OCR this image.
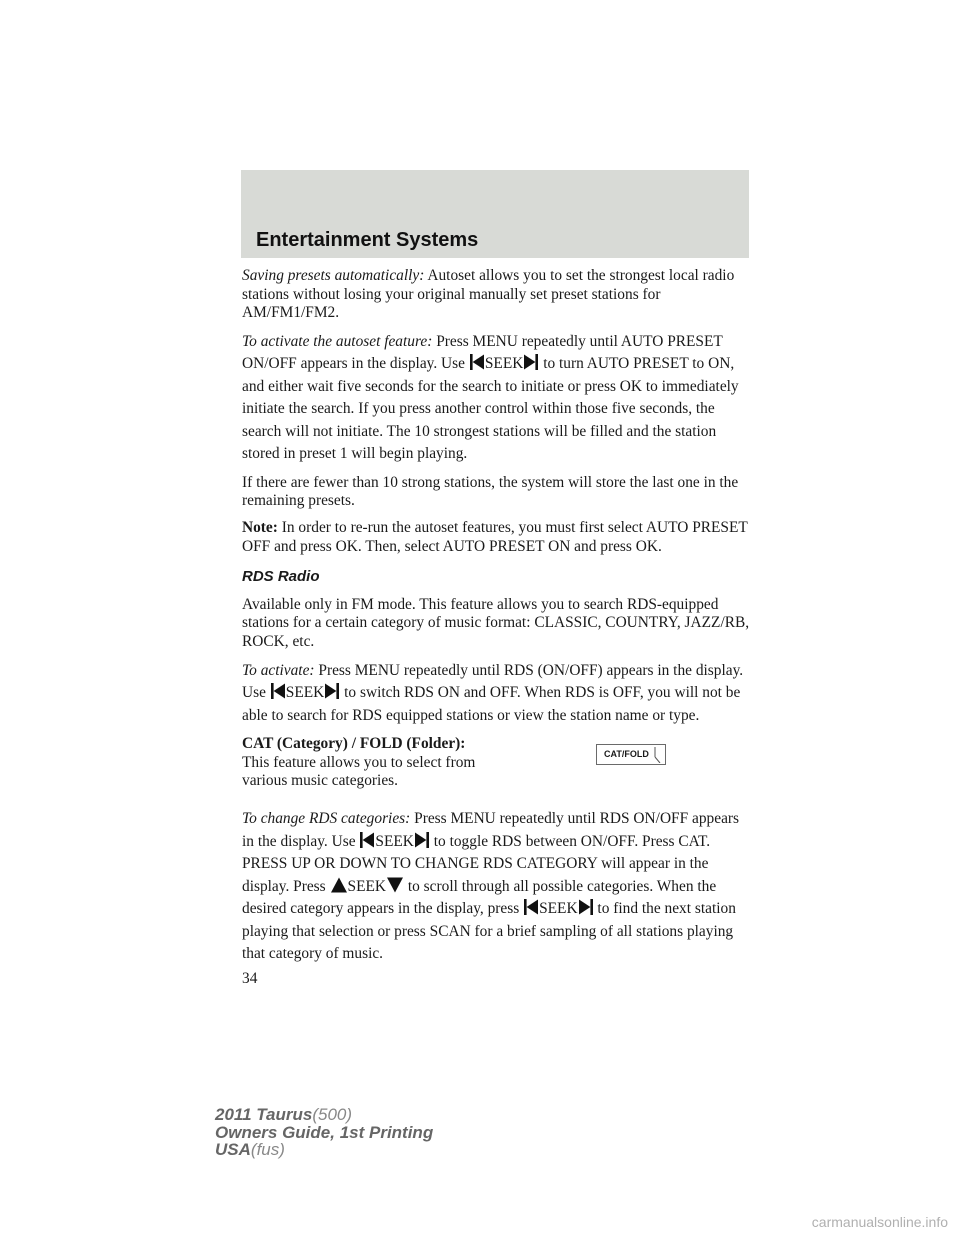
Entertainment Systems

Saving presets automatically: Autoset allows you to set the strongest local radio stations without losing your original manually set preset stations for AM/FM1/FM2.

To activate the autoset feature: Press MENU repeatedly until AUTO PRESET ON/OFF appears in the display. Use SEEK to turn AUTO PRESET to ON, and either wait five seconds for the search to initiate or press OK to immediately initiate the search. If you press another control within those five seconds, the search will not initiate. The 10 strongest stations will be filled and the station stored in preset 1 will begin playing.

If there are fewer than 10 strong stations, the system will store the last one in the remaining presets.

Note: In order to re-run the autoset features, you must first select AUTO PRESET OFF and press OK. Then, select AUTO PRESET ON and press OK.

RDS Radio

Available only in FM mode. This feature allows you to search RDS-equipped stations for a certain category of music format: CLASSIC, COUNTRY, JAZZ/RB, ROCK, etc.

To activate: Press MENU repeatedly until RDS (ON/OFF) appears in the display. Use SEEK to switch RDS ON and OFF. When RDS is OFF, you will not be able to search for RDS equipped stations or view the station name or type.

CAT (Category) / FOLD (Folder): This feature allows you to select from various music categories.

CAT/FOLD

To change RDS categories: Press MENU repeatedly until RDS ON/OFF appears in the display. Use SEEK to toggle RDS between ON/OFF. Press CAT. PRESS UP OR DOWN TO CHANGE RDS CATEGORY will appear in the display. Press SEEK to scroll through all possible categories. When the desired category appears in the display, press SEEK to find the next station playing that selection or press SCAN for a brief sampling of all stations playing that category of music.

34
2011 Taurus(500)
Owners Guide, 1st Printing
USA(fus)
carmanualsonline.info
